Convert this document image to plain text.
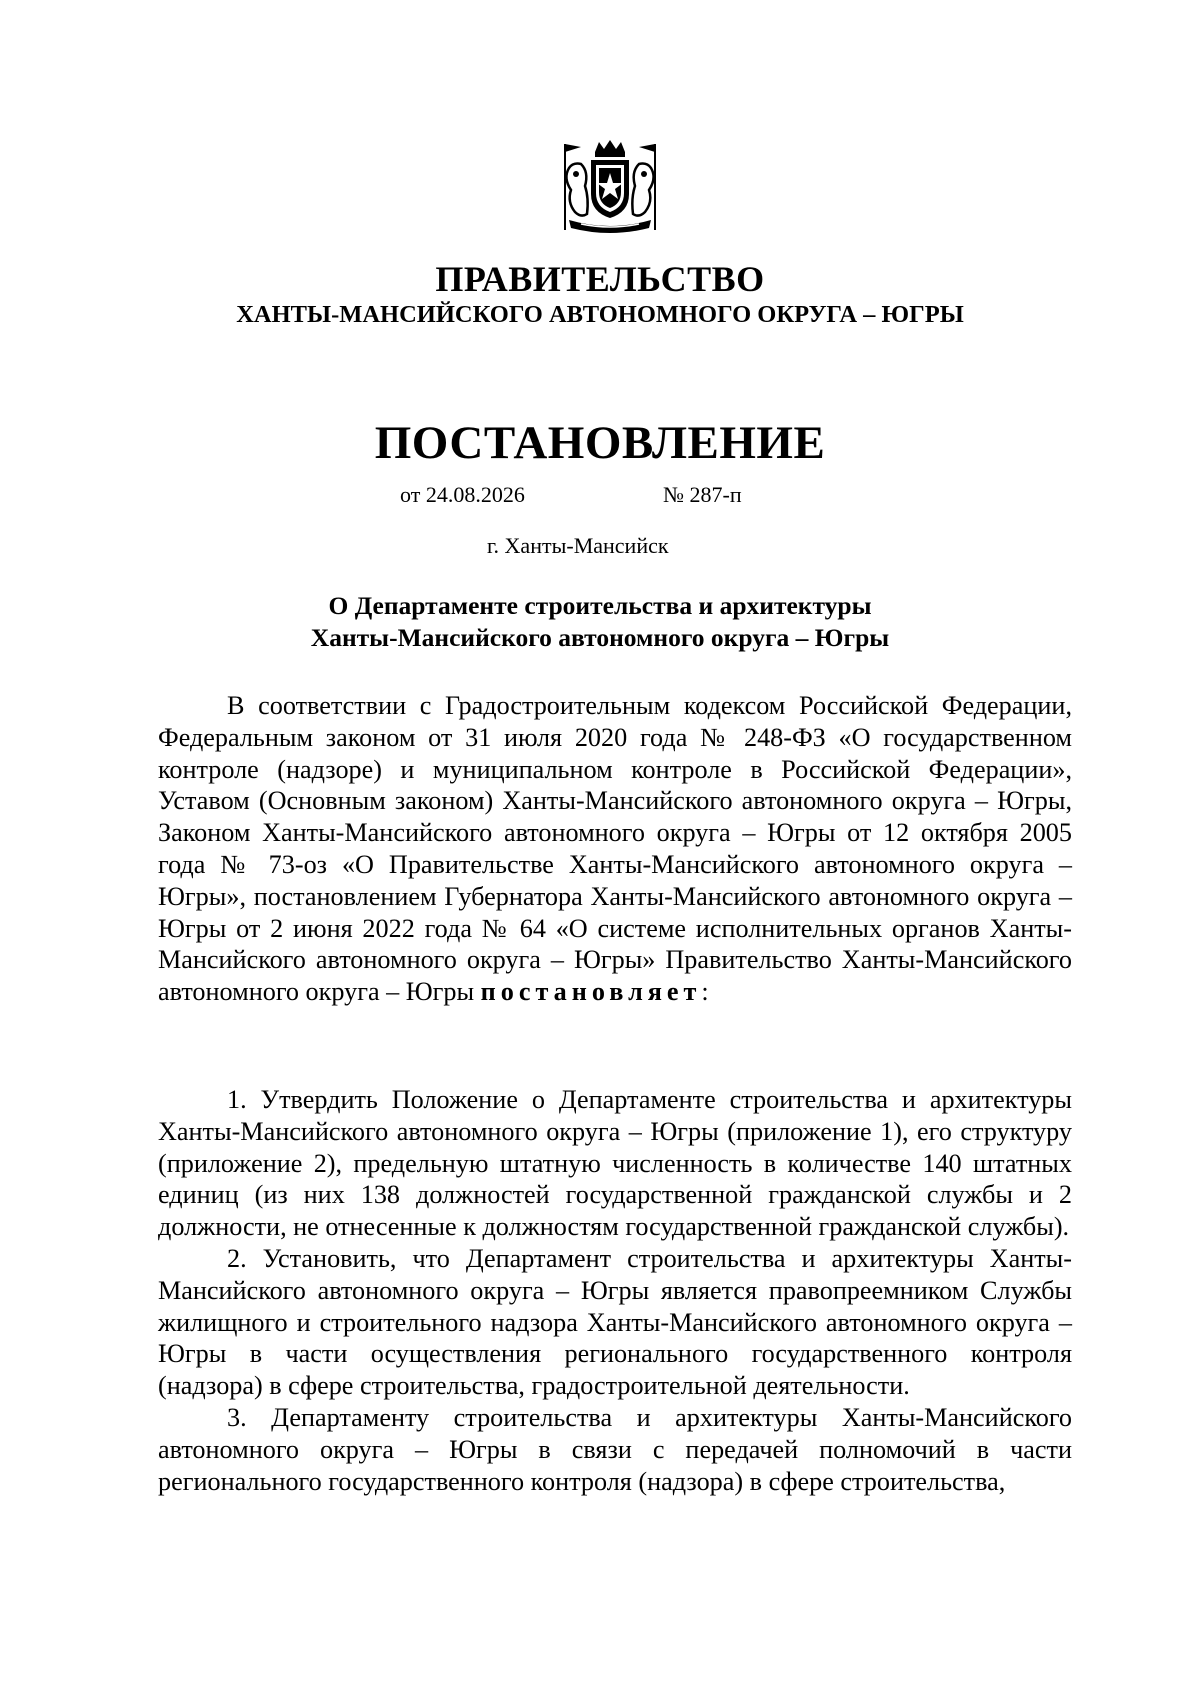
ПРАВИТЕЛЬСТВО
ХАНТЫ-МАНСИЙСКОГО АВТОНОМНОГО ОКРУГА – ЮГРЫ
ПОСТАНОВЛЕНИЕ
от 24.08.2026	№ 287-п
г. Ханты-Мансийск
О Департаменте строительства и архитектуры
Ханты-Мансийского автономного округа – Югры

В соответствии с Градостроительным кодексом Российской Федерации, Федеральным законом от 31 июля 2020 года № 248-ФЗ «О государственном контроле (надзоре) и муниципальном контроле в Российской Федерации», Уставом (Основным законом) Ханты-Мансийского автономного округа – Югры, Законом Ханты-Мансийского автономного округа – Югры от 12 октября 2005 года № 73-оз «О Правительстве Ханты-Мансийского автономного округа – Югры», постановлением Губернатора Ханты-Мансийского автономного округа – Югры от 2 июня 2022 года № 64 «О системе исполнительных органов Ханты-Мансийского автономного округа – Югры» Правительство Ханты-Мансийского автономного округа – Югры постановляет:

1. Утвердить Положение о Департаменте строительства и архитектуры Ханты-Мансийского автономного округа – Югры (приложение 1), его структуру (приложение 2), предельную штатную численность в количестве 140 штатных единиц (из них 138 должностей государственной гражданской службы и 2 должности, не отнесенные к должностям государственной гражданской службы).

2. Установить, что Департамент строительства и архитектуры Ханты-Мансийского автономного округа – Югры является правопреемником Службы жилищного и строительного надзора Ханты-Мансийского автономного округа – Югры в части осуществления регионального государственного контроля (надзора) в сфере строительства, градостроительной деятельности.

3. Департаменту строительства и архитектуры Ханты-Мансийского автономного округа – Югры в связи с передачей полномочий в части регионального государственного контроля (надзора) в сфере строительства,
